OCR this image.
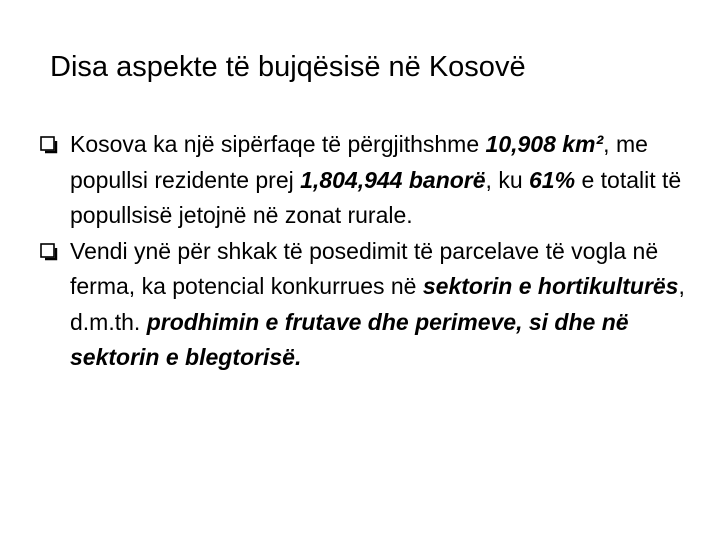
Disa aspekte të bujqësisë në Kosovë
Kosova ka një sipërfaqe të përgjithshme 10,908 km², me popullsi rezidente prej 1,804,944 banorë, ku 61% e totalit të popullsisë jetojnë në zonat rurale.
Vendi ynë për shkak të posedimit të parcelave të vogla në ferma, ka potencial konkurrues në sektorin e hortikulturës, d.m.th. prodhimin e frutave dhe perimeve, si dhe në sektorin e blegtorisë.
